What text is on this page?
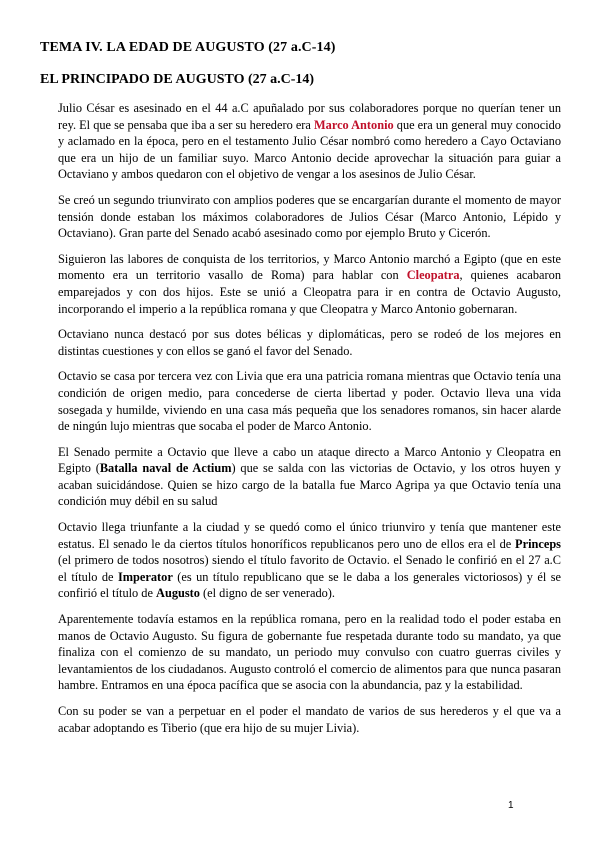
TEMA IV. LA EDAD DE AUGUSTO (27 a.C-14)
EL PRINCIPADO DE AUGUSTO (27 a.C-14)

Julio César es asesinado en el 44 a.C apuñalado por sus colaboradores porque no querían tener un rey. El que se pensaba que iba a ser su heredero era Marco Antonio que era un general muy conocido y aclamado en la época, pero en el testamento Julio César nombró como heredero a Cayo Octaviano que era un hijo de un familiar suyo. Marco Antonio decide aprovechar la situación para guiar a Octaviano y ambos quedaron con el objetivo de vengar a los asesinos de Julio César.

Se creó un segundo triunvirato con amplios poderes que se encargarían durante el momento de mayor tensión donde estaban los máximos colaboradores de Julios César (Marco Antonio, Lépido y Octaviano). Gran parte del Senado acabó asesinado como por ejemplo Bruto y Cicerón.

Siguieron las labores de conquista de los territorios, y Marco Antonio marchó a Egipto (que en este momento era un territorio vasallo de Roma) para hablar con Cleopatra, quienes acabaron emparejados y con dos hijos. Este se unió a Cleopatra para ir en contra de Octavio Augusto, incorporando el imperio a la república romana y que Cleopatra y Marco Antonio gobernaran.

Octaviano nunca destacó por sus dotes bélicas y diplomáticas, pero se rodeó de los mejores en distintas cuestiones y con ellos se ganó el favor del Senado.

Octavio se casa por tercera vez con Livia que era una patricia romana mientras que Octavio tenía una condición de origen medio, para concederse de cierta libertad y poder. Octavio lleva una vida sosegada y humilde, viviendo en una casa más pequeña que los senadores romanos, sin hacer alarde de ningún lujo mientras que socaba el poder de Marco Antonio.

El Senado permite a Octavio que lleve a cabo un ataque directo a Marco Antonio y Cleopatra en Egipto (Batalla naval de Actium) que se salda con las victorias de Octavio, y los otros huyen y acaban suicidándose. Quien se hizo cargo de la batalla fue Marco Agripa ya que Octavio tenía una condición muy débil en su salud

Octavio llega triunfante a la ciudad y se quedó como el único triunviro y tenía que mantener este estatus. El senado le da ciertos títulos honoríficos republicanos pero uno de ellos era el de Princeps (el primero de todos nosotros) siendo el título favorito de Octavio. el Senado le confirió en el 27 a.C el título de Imperator (es un título republicano que se le daba a los generales victoriosos) y él se confirió el título de Augusto (el digno de ser venerado).

Aparentemente todavía estamos en la república romana, pero en la realidad todo el poder estaba en manos de Octavio Augusto. Su figura de gobernante fue respetada durante todo su mandato, ya que finaliza con el comienzo de su mandato, un periodo muy convulso con cuatro guerras civiles y levantamientos de los ciudadanos. Augusto controló el comercio de alimentos para que nunca pasaran hambre. Entramos en una época pacífica que se asocia con la abundancia, paz y la estabilidad.

Con su poder se van a perpetuar en el poder el mandato de varios de sus herederos y el que va a acabar adoptando es Tiberio (que era hijo de su mujer Livia).

1
